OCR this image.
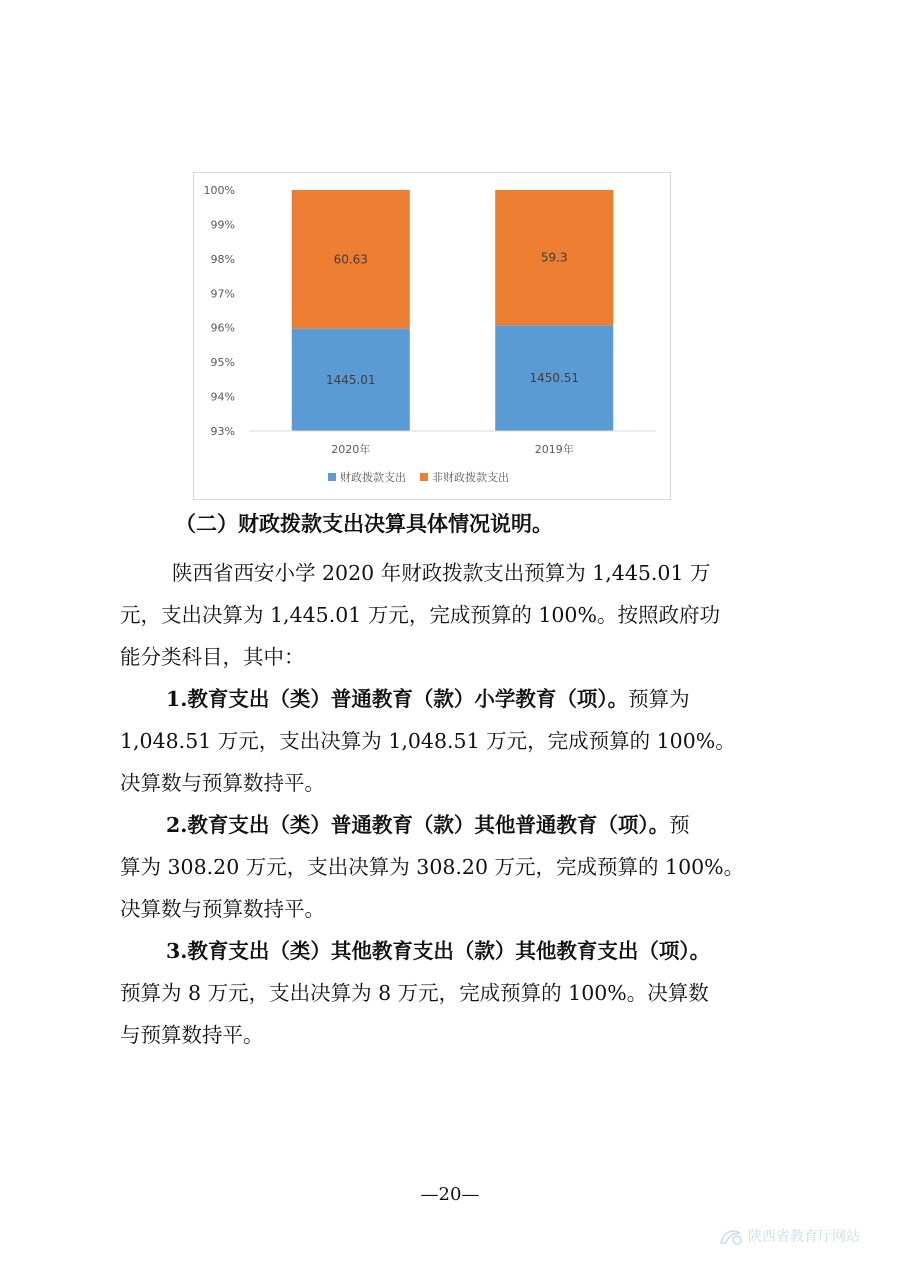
93%
94%
95%
96%
97%
98%
99%
100%
1445.01
60.63
1450.51
59.3
2020年	2019年
财政拨款支出 非财政拨款支出

（二）财政拨款支出决算具体情况说明。

陕西省西安小学 2020 年财政拨款支出预算为 1,445.01 万
元，支出决算为 1,445.01 万元，完成预算的 100%。按照政府功
能分类科目，其中：
1.教育支出（类）普通教育（款）小学教育（项）。预算为
1,048.51 万元，支出决算为 1,048.51 万元，完成预算的 100%。
决算数与预算数持平。
2.教育支出（类）普通教育（款）其他普通教育（项）。预
算为 308.20 万元，支出决算为 308.20 万元，完成预算的 100%。
决算数与预算数持平。
3.教育支出（类）其他教育支出（款）其他教育支出（项）。
预算为 8 万元，支出决算为 8 万元，完成预算的 100%。决算数
与预算数持平。
—20—
陕西省教育厅网站
